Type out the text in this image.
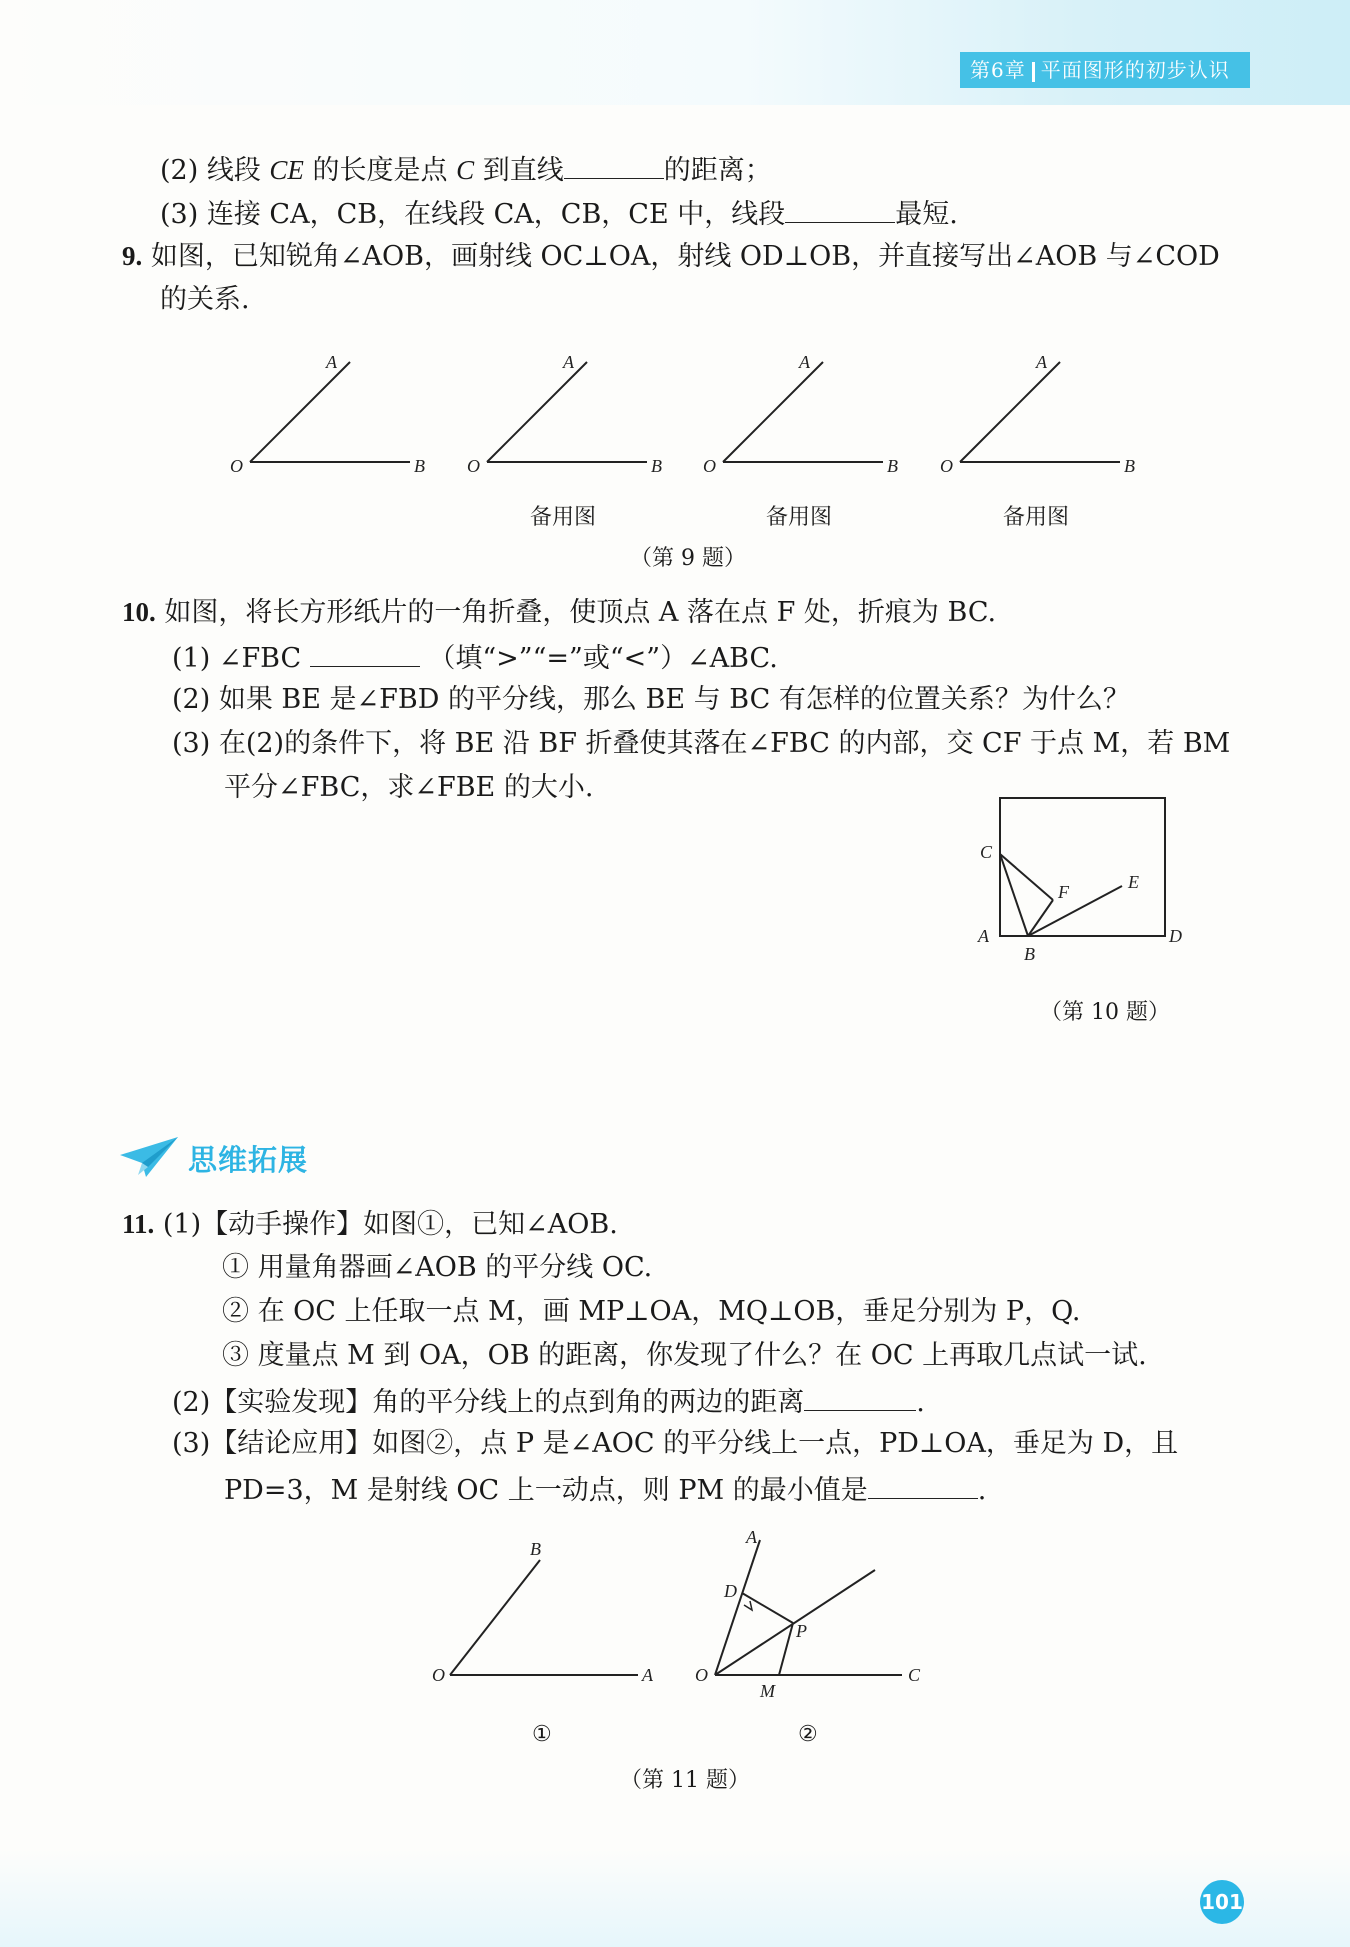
第6章 平面图形的初步认识
(2) 线段 CE 的长度是点 C 到直线	的距离；
(3) 连接 CA，CB，在线段 CA，CB，CE 中，线段	最短.
9. 如图，已知锐角∠AOB，画射线 OC⊥OA，射线 OD⊥OB，并直接写出∠AOB 与∠COD
的关系.
A
O	B
A
O	B
A
O	B
A
O	B
备用图	备用图	备用图
（第 9 题）
10. 如图，将长方形纸片的一角折叠，使顶点 A 落在点 F 处，折痕为 BC.
(1) ∠FBC	（填“>”“=”或“<”）∠ABC.
(2) 如果 BE 是∠FBD 的平分线，那么 BE 与 BC 有怎样的位置关系？为什么？
(3) 在(2)的条件下，将 BE 沿 BF 折叠使其落在∠FBC 的内部，交 CF 于点 M，若 BM
平分∠FBC，求∠FBE 的大小.
C
A
B
F	E
D
（第 10 题）
思维拓展
11. (1)【动手操作】如图①，已知∠AOB.
① 用量角器画∠AOB 的平分线 OC.
② 在 OC 上任取一点 M，画 MP⊥OA，MQ⊥OB，垂足分别为 P，Q.
③ 度量点 M 到 OA，OB 的距离，你发现了什么？在 OC 上再取几点试一试.
(2)【实验发现】角的平分线上的点到角的两边的距离	.
(3)【结论应用】如图②，点 P 是∠AOC 的平分线上一点，PD⊥OA，垂足为 D，且
PD=3，M 是射线 OC 上一动点，则 PM 的最小值是	.
B
O	A
A
D
P
O
M
C
①	②
（第 11 题）
101
